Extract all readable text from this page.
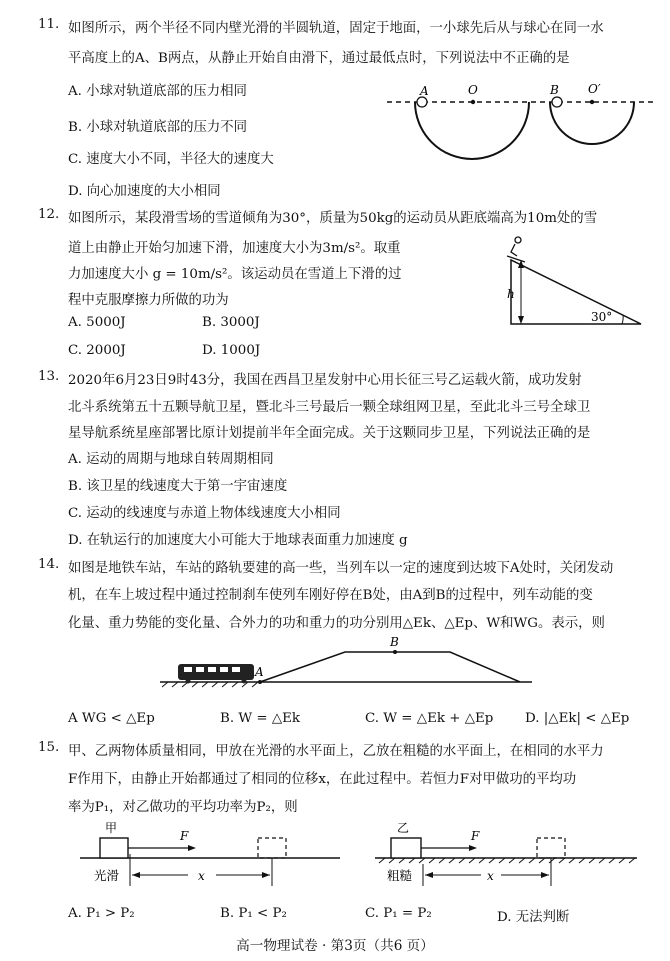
11. 如图所示，两个半径不同内壁光滑的半圆轨道，固定于地面，一小球先后从与球心在同一水
平高度上的A、B两点，从静止开始自由滑下，通过最低点时，下列说法中不正确的是
A. 小球对轨道底部的压力相同
B. 小球对轨道底部的压力不同
C. 速度大小不同，半径大的速度大
D. 向心加速度的大小相同
A	O	B O′
12. 如图所示，某段滑雪场的雪道倾角为30°，质量为50kg的运动员从距底端高为10m处的雪
道上由静止开始匀加速下滑，加速度大小为3m/s²。取重
力加速度大小 g = 10m/s²。该运动员在雪道上下滑的过
程中克服摩擦力所做的功为
A. 5000J	B. 3000J
C. 2000J	D. 1000J
h
30°
13. 2020年6月23日9时43分，我国在西昌卫星发射中心用长征三号乙运载火箭，成功发射
北斗系统第五十五颗导航卫星，暨北斗三号最后一颗全球组网卫星，至此北斗三号全球卫
星导航系统星座部署比原计划提前半年全面完成。关于这颗同步卫星，下列说法正确的是
A. 运动的周期与地球自转周期相同
B. 该卫星的线速度大于第一宇宙速度
C. 运动的线速度与赤道上物体线速度大小相同
D. 在轨运行的加速度大小可能大于地球表面重力加速度 g
14. 如图是地铁车站，车站的路轨要建的高一些，当列车以一定的速度到达坡下A处时，关闭发动
机，在车上坡过程中通过控制刹车使列车刚好停在B处，由A到B的过程中，列车动能的变
化量、重力势能的变化量、合外力的功和重力的功分别用△Ek、△Ep、W和WG。表示，则
A
B
A WG < △Ep	B. W = △Ek	C. W = △Ek + △Ep D. |△Ek| < △Ep
15. 甲、乙两物体质量相同，甲放在光滑的水平面上，乙放在粗糙的水平面上，在相同的水平力
F作用下，由静止开始都通过了相同的位移x，在此过程中。若恒力F对甲做功的平均功
率为P₁，对乙做功的平均功率为P₂，则
甲
F
光滑	x
乙
F
粗糙	x
A. P₁ > P₂	B. P₁ < P₂	C. P₁ = P₂	D. 无法判断
高一物理试卷 · 第3页（共6 页）
